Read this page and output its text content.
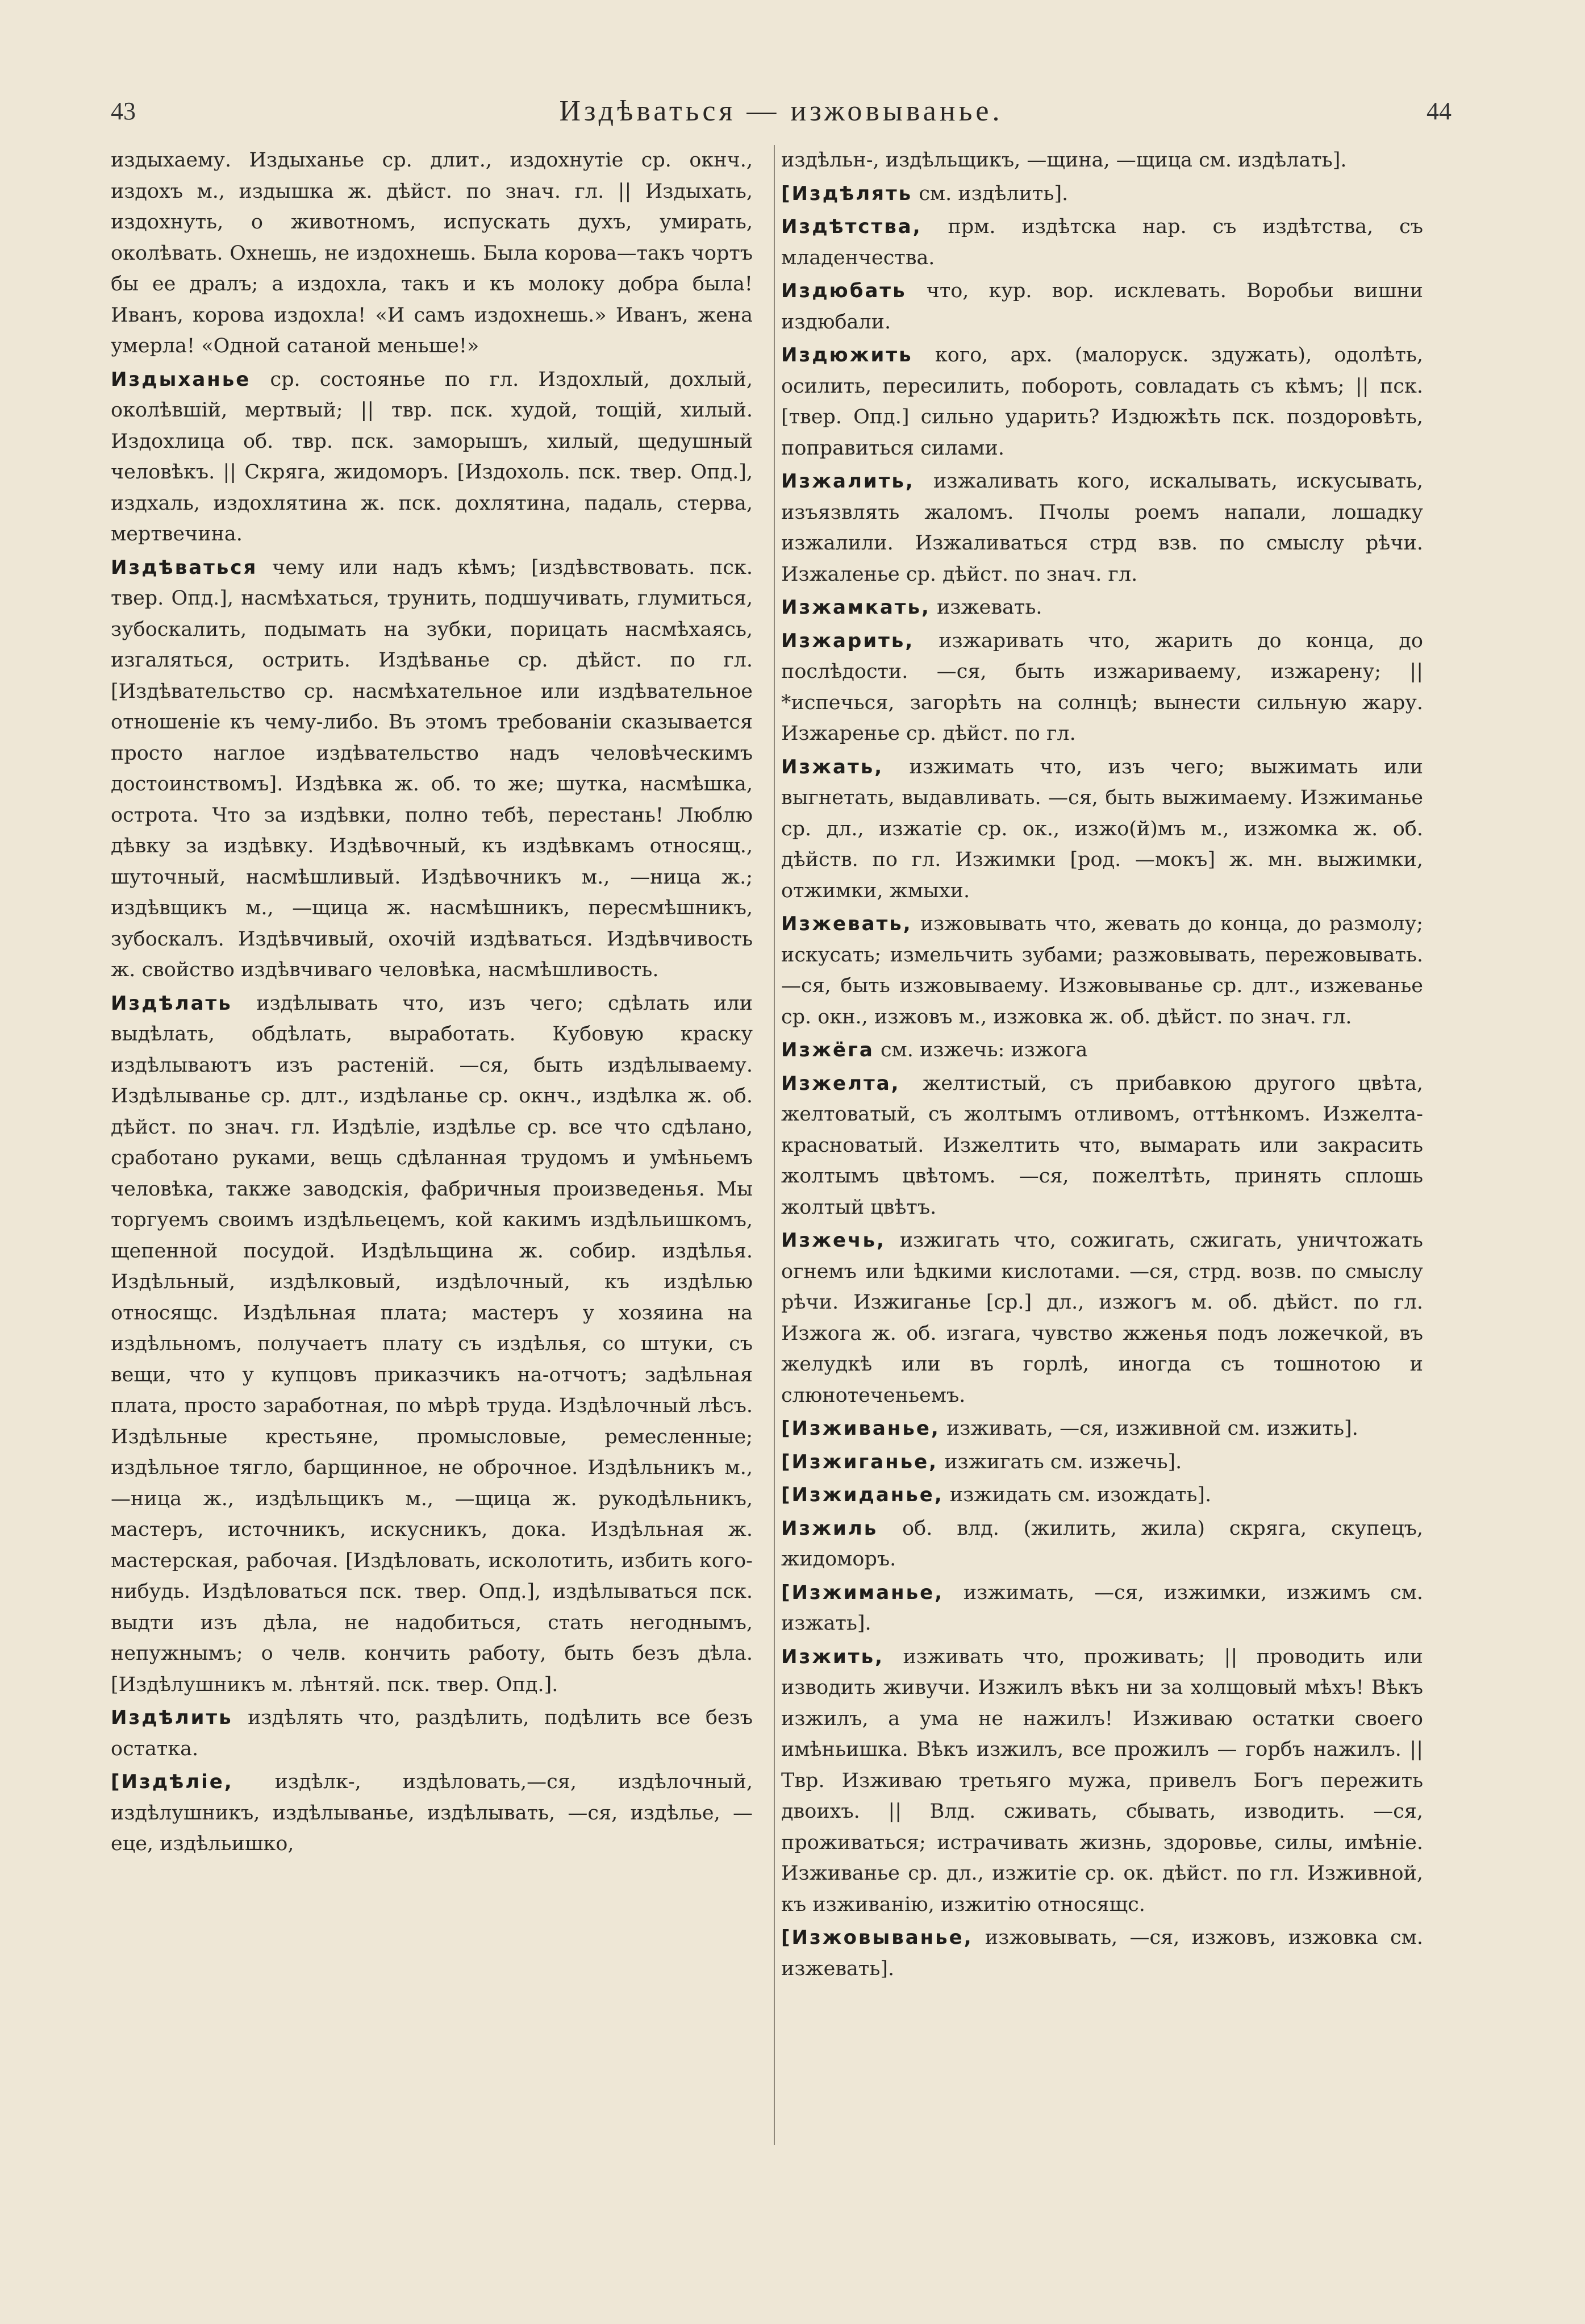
43	Издѣваться — изжовыванье.	44

издыхаему. Издыханье ср. длит., издохнутіе ср. окнч., издохъ м., издышка ж. дѣйст. по знач. гл. || Издыхать, издохнуть, о животномъ, испускать духъ, умирать, околѣвать. Охнешь, не издохнешь. Была корова—такъ чортъ бы ее дралъ; а издохла, такъ и къ молоку добра была! Иванъ, корова издохла! «И самъ издохнешь.» Иванъ, жена умерла! «Одной сатаной меньше!»

Издыханье ср. состоянье по гл. Издохлый, дохлый, околѣвшій, мертвый; || твр. пск. худой, тощій, хилый. Издохлица об. твр. пск. заморышъ, хилый, щедушный человѣкъ. || Скряга, жидоморъ. [Издохоль. пск. твер. Опд.], издхаль, издохлятина ж. пск. дохлятина, падаль, стерва, мертвечина.

Издѣваться чему или надъ кѣмъ; [издѣвствовать. пск. твер. Опд.], насмѣхаться, трунить, подшучивать, глумиться, зубоскалить, подымать на зубки, порицать насмѣхаясь, изгаляться, острить. Издѣванье ср. дѣйст. по гл. [Издѣвательство ср. насмѣхательное или издѣвательное отношеніе къ чему-либо. Въ этомъ требованіи сказывается просто наглое издѣвательство надъ человѣческимъ достоинствомъ]. Издѣвка ж. об. то же; шутка, насмѣшка, острота. Что за издѣвки, полно тебѣ, перестань! Люблю дѣвку за издѣвку. Издѣвочный, къ издѣвкамъ относящ., шуточный, насмѣшливый. Издѣвочникъ м., —ница ж.; издѣвщикъ м., —щица ж. насмѣшникъ, пересмѣшникъ, зубоскалъ. Издѣвчивый, охочій издѣваться. Издѣвчивость ж. свойство издѣвчиваго человѣка, насмѣшливость.

Издѣлать издѣлывать что, изъ чего; сдѣлать или выдѣлать, обдѣлать, выработать. Кубовую краску издѣлываютъ изъ растеній. —ся, быть издѣлываему. Издѣлыванье ср. длт., издѣланье ср. окнч., издѣлка ж. об. дѣйст. по знач. гл. Издѣліе, издѣлье ср. все что сдѣлано, сработано руками, вещь сдѣланная трудомъ и умѣньемъ человѣка, также заводскія, фабричныя произведенья. Мы торгуемъ своимъ издѣльецемъ, кой какимъ издѣльишкомъ, щепенной посудой. Издѣльщина ж. собир. издѣлья. Издѣльный, издѣлковый, издѣлочный, къ издѣлью относящс. Издѣльная плата; мастеръ у хозяина на издѣльномъ, получаетъ плату съ издѣлья, со штуки, съ вещи, что у купцовъ приказчикъ на-отчотъ; задѣльная плата, просто заработная, по мѣрѣ труда. Издѣлочный лѣсъ. Издѣльные крестьяне, промысловые, ремесленные; издѣльное тягло, барщинное, не оброчное. Издѣльникъ м., —ница ж., издѣльщикъ м., —щица ж. рукодѣльникъ, мастеръ, источникъ, искусникъ, дока. Издѣльная ж. мастерская, рабочая. [Издѣловать, исколотить, избить кого-нибудь. Издѣловаться пск. твер. Опд.], издѣлываться пск. выдти изъ дѣла, не надобиться, стать негоднымъ, непужнымъ; о челв. кончить работу, быть безъ дѣла. [Издѣлушникъ м. лѣнтяй. пск. твер. Опд.].

Издѣлить издѣлять что, раздѣлить, подѣлить все безъ остатка.

[Издѣліе, издѣлк-, издѣловать,—ся, издѣлочный, издѣлушникъ, издѣлыванье, издѣлывать, —ся, издѣлье, —еце, издѣльишко,

издѣльн-, издѣльщикъ, —щина, —щица см. издѣлать].

[Издѣлять см. издѣлить].

Издѣтства, прм. издѣтска нар. съ издѣтства, съ младенчества.

Издюбать что, кур. вор. исклевать. Воробьи вишни издюбали.

Издюжить кого, арх. (малоруск. здужать), одолѣть, осилить, пересилить, побороть, совладать съ кѣмъ; || пск. [твер. Опд.] сильно ударить? Издюжѣть пск. поздоровѣть, поправиться силами.

Изжалить, изжаливать кого, искалывать, искусывать, изъязвлять жаломъ. Пчолы роемъ напали, лошадку изжалили. Изжаливаться стрд взв. по смыслу рѣчи. Изжаленье ср. дѣйст. по знач. гл.

Изжамкать, изжевать.

Изжарить, изжаривать что, жарить до конца, до послѣдости. —ся, быть изжариваему, изжарену; || *испечься, загорѣть на солнцѣ; вынести сильную жару. Изжаренье ср. дѣйст. по гл.

Изжать, изжимать что, изъ чего; выжимать или выгнетать, выдавливать. —ся, быть выжимаему. Изжиманье ср. дл., изжатіе ср. ок., изжо(й)мъ м., изжомка ж. об. дѣйств. по гл. Изжимки [род. —мокъ] ж. мн. выжимки, отжимки, жмыхи.

Изжевать, изжовывать что, жевать до конца, до размолу; искусать; измельчить зубами; разжовывать, пережовывать. —ся, быть изжовываему. Изжовыванье ср. длт., изжеванье ср. окн., изжовъ м., изжовка ж. об. дѣйст. по знач. гл.

Изжёга см. изжечь: изжога

Изжелта, желтистый, съ прибавкою другого цвѣта, желтоватый, съ жолтымъ отливомъ, оттѣнкомъ. Изжелта-красноватый. Изжелтить что, вымарать или закрасить жолтымъ цвѣтомъ. —ся, пожелтѣть, принять сплошь жолтый цвѣтъ.

Изжечь, изжигать что, сожигать, сжигать, уничтожать огнемъ или ѣдкими кислотами. —ся, стрд. возв. по смыслу рѣчи. Изжиганье [ср.] дл., изжогъ м. об. дѣйст. по гл. Изжога ж. об. изгага, чувство жженья подъ ложечкой, въ желудкѣ или въ горлѣ, иногда съ тошнотою и слюнотеченьемъ.

[Изживанье, изживать, —ся, изживной см. изжить].

[Изжиганье, изжигать см. изжечь].

[Изжиданье, изжидать см. изождать].

Изжиль об. влд. (жилить, жила) скряга, скупецъ, жидоморъ.

[Изжиманье, изжимать, —ся, изжимки, изжимъ см. изжать].

Изжить, изживать что, проживать; || проводить или изводить живучи. Изжилъ вѣкъ ни за холщовый мѣхъ! Вѣкъ изжилъ, а ума не нажилъ! Изживаю остатки своего имѣньишка. Вѣкъ изжилъ, все прожилъ — горбъ нажилъ. || Твр. Изживаю третьяго мужа, привелъ Богъ пережить двоихъ. || Влд. сживать, сбывать, изводить. —ся, проживаться; истрачивать жизнь, здоровье, силы, имѣніе. Изживанье ср. дл., изжитіе ср. ок. дѣйст. по гл. Изживной, къ изживанію, изжитію относящс.

[Изжовыванье, изжовывать, —ся, изжовъ, изжовка см. изжевать].
